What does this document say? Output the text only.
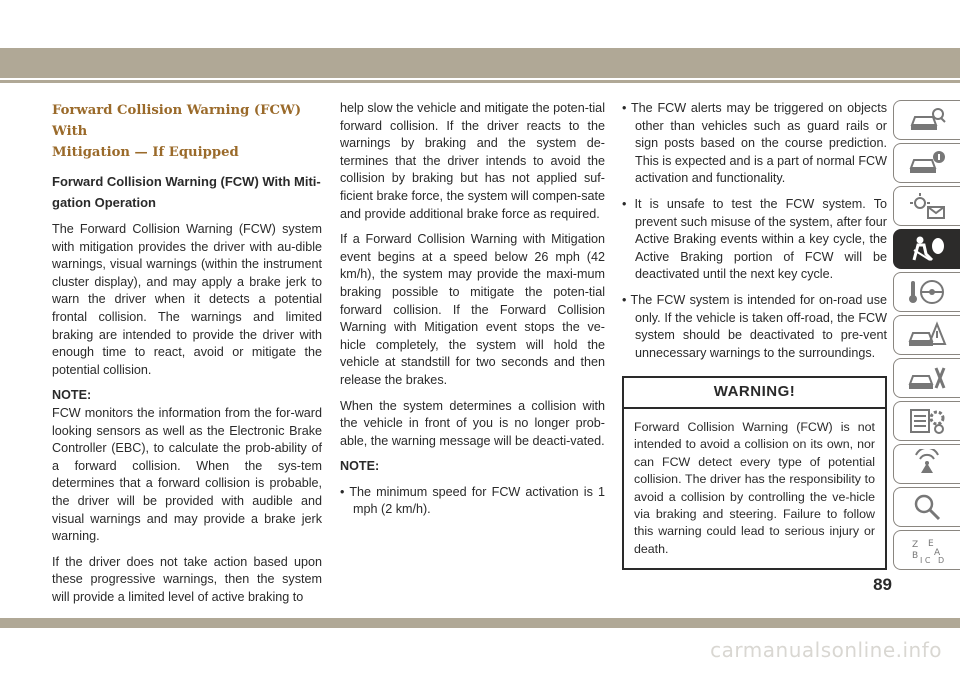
Forward Collision Warning (FCW) With
Mitigation — If Equipped
Forward Collision Warning (FCW) With Miti-
gation Operation

The Forward Collision Warning (FCW) system with mitigation provides the driver with au-dible warnings, visual warnings (within the instrument cluster display), and may apply a brake jerk to warn the driver when it detects a potential frontal collision. The warnings and limited braking are intended to provide the driver with enough time to react, avoid or mitigate the potential collision.

NOTE:

FCW monitors the information from the for-ward looking sensors as well as the Electronic Brake Controller (EBC), to calculate the prob-ability of a forward collision. When the sys-tem determines that a forward collision is probable, the driver will be provided with audible and visual warnings and may provide a brake jerk warning.

If the driver does not take action based upon these progressive warnings, then the system will provide a limited level of active braking to

help slow the vehicle and mitigate the poten-tial forward collision. If the driver reacts to the warnings by braking and the system de-termines that the driver intends to avoid the collision by braking but has not applied suf-ficient brake force, the system will compen-sate and provide additional brake force as required.

If a Forward Collision Warning with Mitigation event begins at a speed below 26 mph (42 km/h), the system may provide the maxi-mum braking possible to mitigate the poten-tial forward collision. If the Forward Collision Warning with Mitigation event stops the ve-hicle completely, the system will hold the vehicle at standstill for two seconds and then release the brakes.

When the system determines a collision with the vehicle in front of you is no longer prob-able, the warning message will be deacti-vated.

NOTE:

• The minimum speed for FCW activation is 1 mph (2 km/h).

• The FCW alerts may be triggered on objects other than vehicles such as guard rails or sign posts based on the course prediction. This is expected and is a part of normal FCW activation and functionality.

• It is unsafe to test the FCW system. To prevent such misuse of the system, after four Active Braking events within a key cycle, the Active Braking portion of FCW will be deactivated until the next key cycle.

• The FCW system is intended for on-road use only. If the vehicle is taken off-road, the FCW system should be deactivated to pre-vent unnecessary warnings to the surroundings.

WARNING!
Forward Collision Warning (FCW) is not intended to avoid a collision on its own, nor can FCW detect every type of potential collision. The driver has the responsibility to avoid a collision by controlling the ve-hicle via braking and steering. Failure to follow this warning could lead to serious injury or death.	Z E
B A
I C D
89
carmanualsonline.info
